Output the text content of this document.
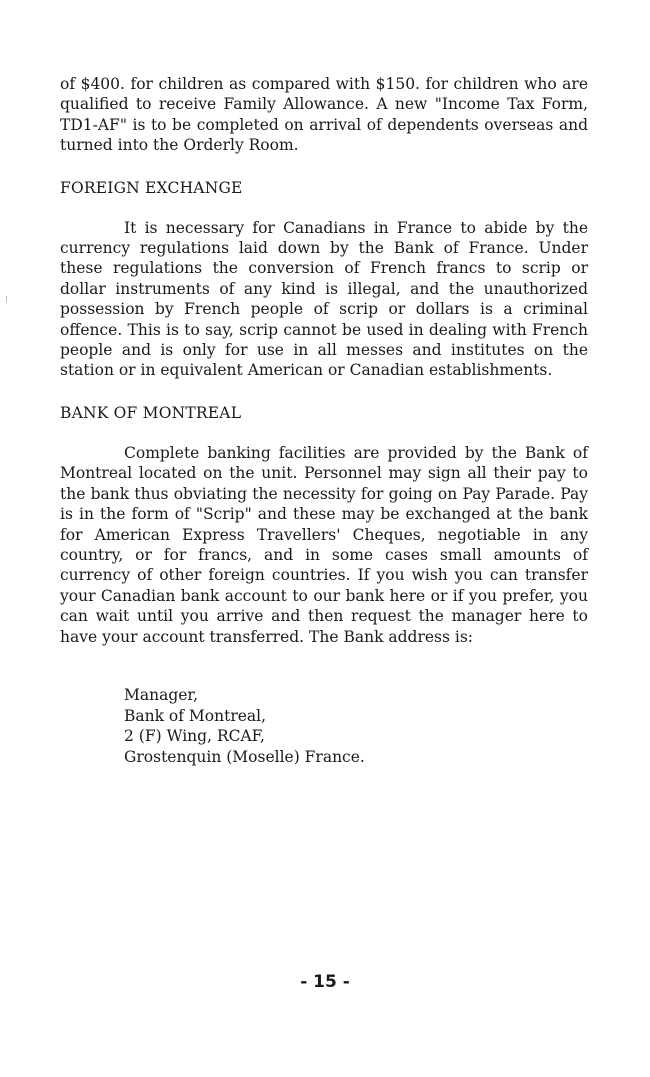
of $400. for children as compared with $150. for children who are qualified to receive Family Allowance. A new "Income Tax Form, TD1-AF" is to be completed on arrival of dependents overseas and turned into the Orderly Room.

FOREIGN EXCHANGE

It is necessary for Canadians in France to abide by the currency regulations laid down by the Bank of France. Under these regulations the conversion of French francs to scrip or dollar instruments of any kind is illegal, and the unauthorized possession by French people of scrip or dollars is a criminal offence. This is to say, scrip cannot be used in dealing with French people and is only for use in all messes and institutes on the station or in equivalent American or Canadian establishments.

BANK OF MONTREAL

Complete banking facilities are provided by the Bank of Montreal located on the unit. Personnel may sign all their pay to the bank thus obviating the necessity for going on Pay Parade. Pay is in the form of "Scrip" and these may be exchanged at the bank for American Express Travellers' Cheques, negotiable in any country, or for francs, and in some cases small amounts of currency of other foreign countries. If you wish you can transfer your Canadian bank account to our bank here or if you prefer, you can wait until you arrive and then request the manager here to have your account transferred. The Bank address is:

Manager,
Bank of Montreal,
2 (F) Wing, RCAF,
Grostenquin (Moselle) France.
- 15 -
